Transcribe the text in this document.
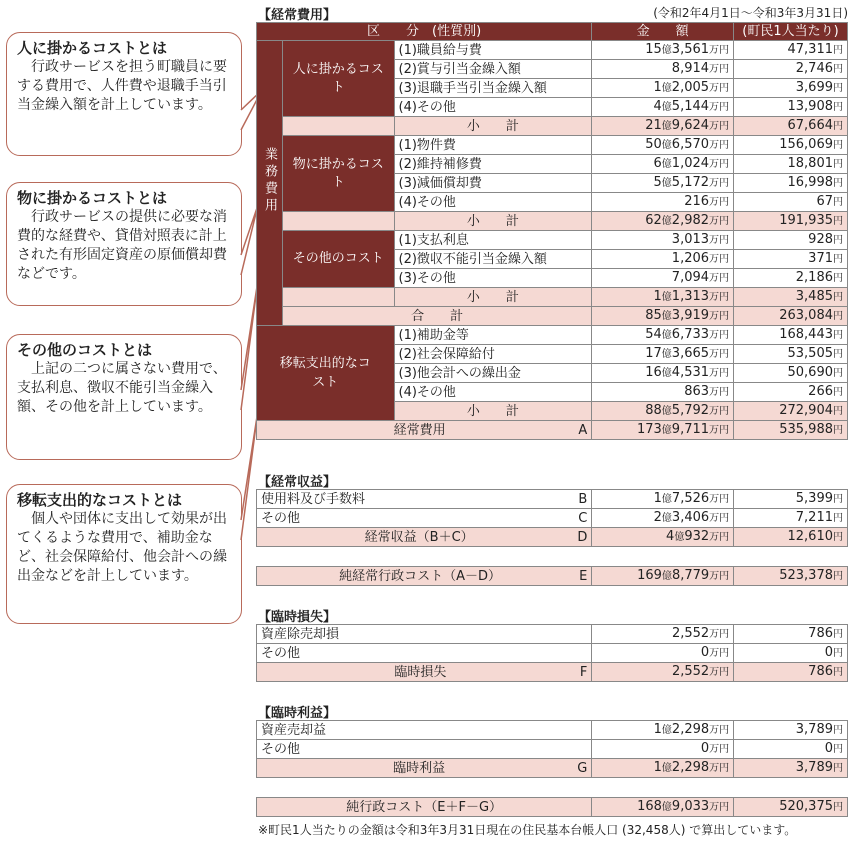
人に掛かるコストとは
行政サービスを担う町職員に要する費用で、人件費や退職手当引当金繰入額を計上しています。
物に掛かるコストとは
行政サービスの提供に必要な消費的な経費や、貸借対照表に計上された有形固定資産の原価償却費などです。
その他のコストとは
上記の二つに属さない費用で、支払利息、徴収不能引当金繰入額、その他を計上しています。
移転支出的なコストとは
個人や団体に支出して効果が出てくるような費用で、補助金など、社会保障給付、他会計への繰出金などを計上しています。
【経常費用】	(令和2年4月1日～令和3年3月31日)
区　　分　(性質別)			金　　額	(町民1人当たり)
業務費用	人に掛かるコスト	(1)職員給与費	15億3,561万円	47,311円
		(2)賞与引当金繰入額	8,914万円	2,746円
		(3)退職手当引当金繰入額	1億2,005万円	3,699円
		(4)その他	4億5,144万円	13,908円

		小　　計	21億9,624万円	67,664円
	物に掛かるコスト	(1)物件費	50億6,570万円	156,069円
		(2)維持補修費	6億1,024万円	18,801円
		(3)減価償却費	5億5,172万円	16,998円
		(4)その他	216万円	67円

		小　　計	62億2,982万円	191,935円
	その他のコスト	(1)支払利息	3,013万円	928円
		(2)徴収不能引当金繰入額	1,206万円	371円
		(3)その他	7,094万円	2,186円

		小　　計	1億1,313万円	3,485円

	合　　計		85億3,919万円	263,084円
移転支出的なコスト		(1)補助金等	54億6,733万円	168,443円
		(2)社会保障給付	17億3,665万円	53,505円
		(3)他会計への繰出金	16億4,531万円	50,690円
		(4)その他	863万円	266円

		小　　計	88億5,792万円	272,904円

経常費用 A			173億9,711万円	535,988円
【経常収益】
使用料及び手数料 B	1億7,526万円	5,399円

その他 C	2億3,406万円	7,211円

経常収益（B＋C） D	4億932万円	12,610円
純経常行政コスト（A－D）	E	169億8,779万円	523,378円
【臨時損失】
資産除売却損	2,552万円	786円

その他	0万円	0円

臨時損失 F	2,552万円	786円
【臨時利益】
資産売却益	1億2,298万円	3,789円

その他	0万円	0円

臨時利益 G	1億2,298万円	3,789円
純行政コスト（E＋F－G）	168億9,033万円	520,375円
※町民1人当たりの金額は令和3年3月31日現在の住民基本台帳人口 (32,458人) で算出しています。
